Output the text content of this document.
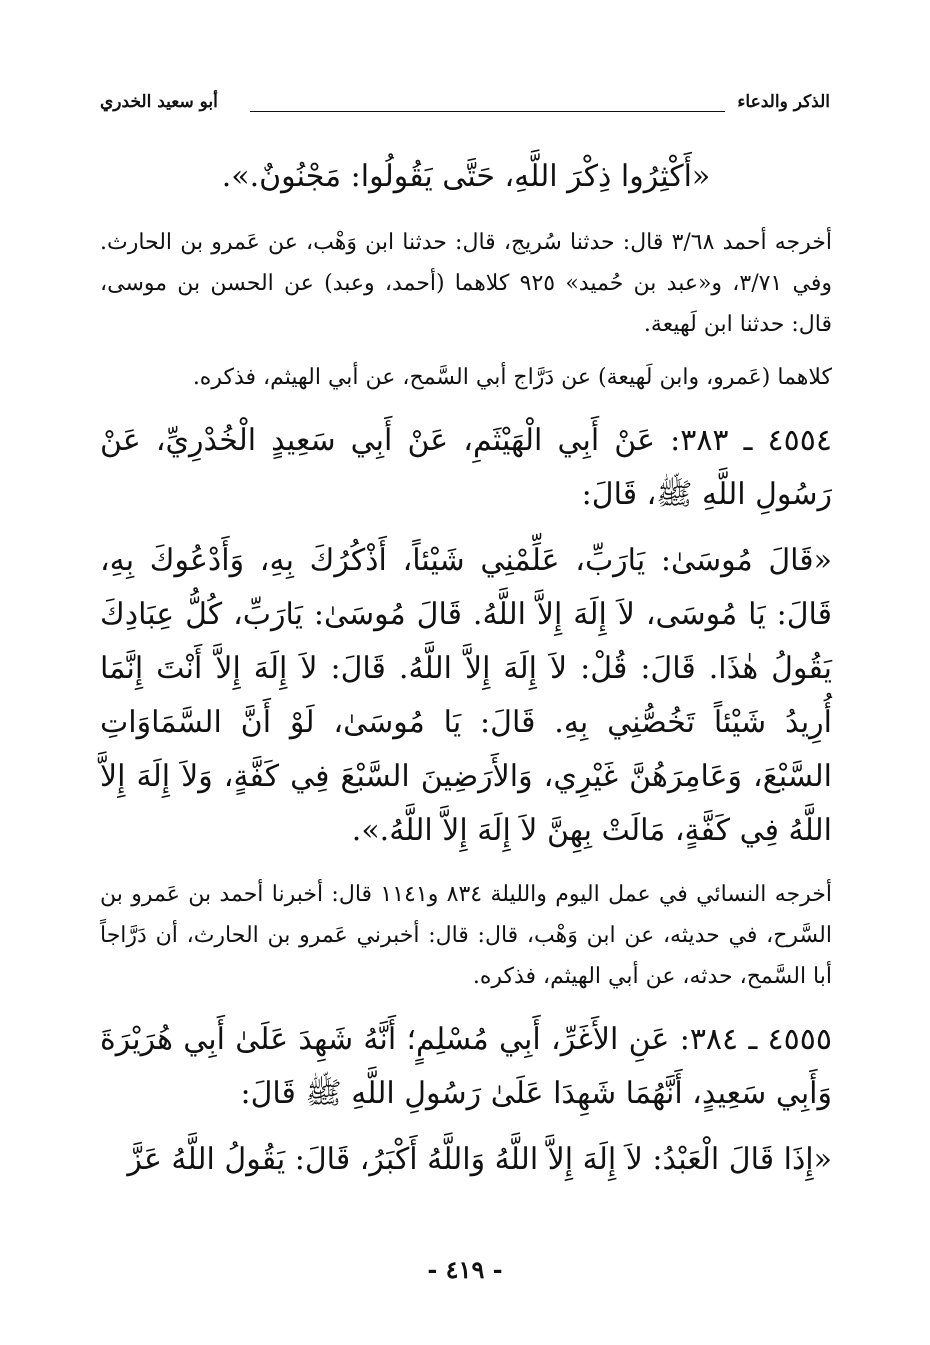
الذكر والدعاء
أبو سعيد الخدري

«أَكْثِرُوا ذِكْرَ اللَّهِ، حَتَّى يَقُولُوا: مَجْنُونٌ.».

أخرجه أحمد ٣/٦٨ قال: حدثنا سُريج، قال: حدثنا ابن وَهْب، عن عَمرو بن الحارث. وفي ٣/٧١، و«عبد بن حُميد» ٩٢٥ كلاهما (أحمد، وعبد) عن الحسن بن موسى، قال: حدثنا ابن لَهيعة.

كلاهما (عَمرو، وابن لَهيعة) عن دَرَّاج أبي السَّمح، عن أبي الهيثم، فذكره.

٤٥٥٤ ـ ٣٨٣: عَنْ أَبِي الْهَيْثَمِ، عَنْ أَبِي سَعِيدٍ الْخُدْرِيِّ، عَنْ رَسُولِ اللَّهِ ﷺ، قَالَ:

«قَالَ مُوسَىٰ: يَارَبِّ، عَلِّمْنِي شَيْئاً، أَذْكُرُكَ بِهِ، وَأَدْعُوكَ بِهِ، قَالَ: يَا مُوسَى، لاَ إِلَهَ إِلاَّ اللَّهُ. قَالَ مُوسَىٰ: يَارَبِّ، كُلُّ عِبَادِكَ يَقُولُ هٰذَا. قَالَ: قُلْ: لاَ إِلَهَ إِلاَّ اللَّهُ. قَالَ: لاَ إِلَهَ إِلاَّ أَنْتَ إِنَّمَا أُرِيدُ شَيْئاً تَخُصُّنِي بِهِ. قَالَ: يَا مُوسَىٰ، لَوْ أَنَّ السَّمَاوَاتِ السَّبْعَ، وَعَامِرَهُنَّ غَيْرِي، وَالأَرَضِينَ السَّبْعَ فِي كَفَّةٍ، وَلاَ إِلَهَ إِلاَّ اللَّهُ فِي كَفَّةٍ، مَالَتْ بِهِنَّ لاَ إِلَهَ إِلاَّ اللَّهُ.».

أخرجه النسائي في عمل اليوم والليلة ٨٣٤ و١١٤١ قال: أخبرنا أحمد بن عَمرو بن السَّرح، في حديثه، عن ابن وَهْب، قال: قال: أخبرني عَمرو بن الحارث، أن دَرَّاجاً أبا السَّمح، حدثه، عن أبي الهيثم، فذكره.

٤٥٥٥ ـ ٣٨٤: عَنِ الأَغَرِّ، أَبِي مُسْلِمٍ؛ أَنَّهُ شَهِدَ عَلَىٰ أَبِي هُرَيْرَةَ وَأَبِي سَعِيدٍ، أَنَّهُمَا شَهِدَا عَلَىٰ رَسُولِ اللَّهِ ﷺ قَالَ:

«إِذَا قَالَ الْعَبْدُ: لاَ إِلَهَ إِلاَّ اللَّهُ وَاللَّهُ أَكْبَرُ، قَالَ: يَقُولُ اللَّهُ عَزَّ

- ٤١٩ -
